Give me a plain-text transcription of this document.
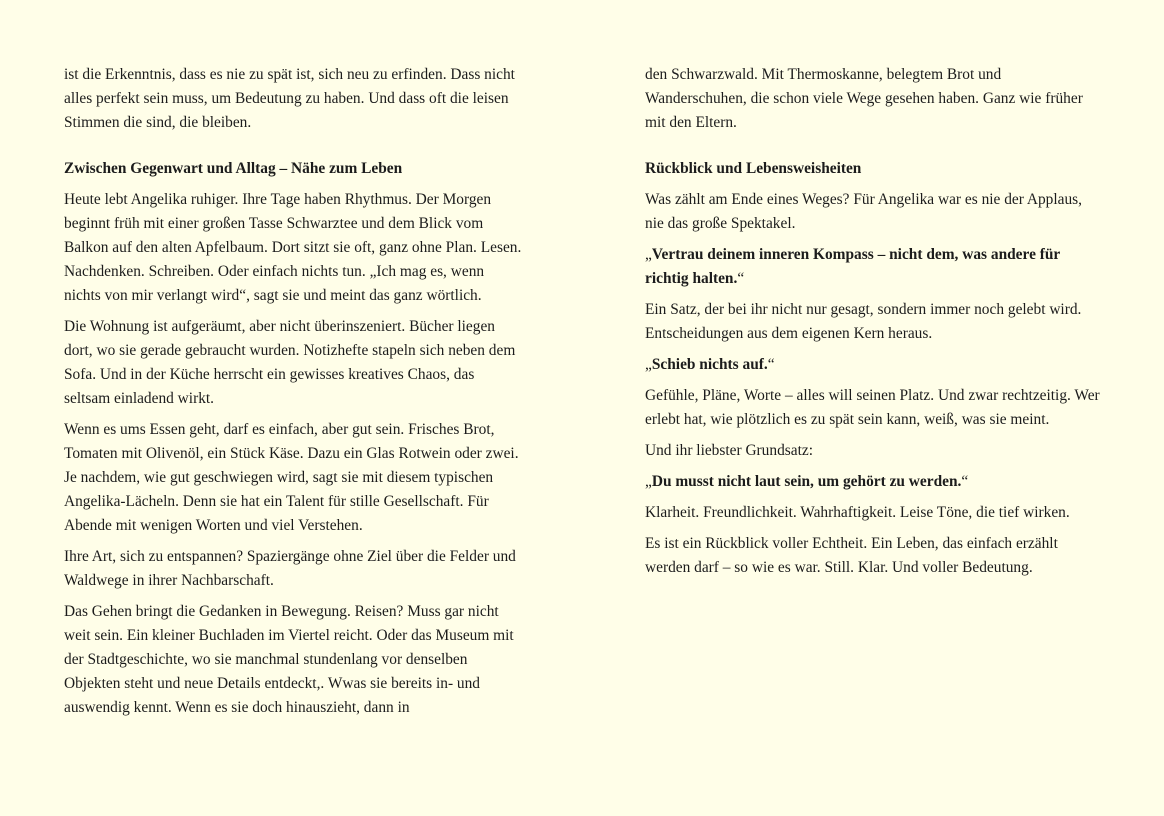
ist die Erkenntnis, dass es nie zu spät ist, sich neu zu erfinden. Dass nicht alles perfekt sein muss, um Bedeutung zu haben. Und dass oft die leisen Stimmen die sind, die bleiben.

Zwischen Gegenwart und Alltag – Nähe zum Leben

Heute lebt Angelika ruhiger. Ihre Tage haben Rhythmus. Der Morgen beginnt früh mit einer großen Tasse Schwarztee und dem Blick vom Balkon auf den alten Apfelbaum. Dort sitzt sie oft, ganz ohne Plan. Lesen. Nachdenken. Schreiben. Oder einfach nichts tun. „Ich mag es, wenn nichts von mir verlangt wird“, sagt sie und meint das ganz wörtlich.

Die Wohnung ist aufgeräumt, aber nicht überinszeniert. Bücher liegen dort, wo sie gerade gebraucht wurden. Notizhefte stapeln sich neben dem Sofa. Und in der Küche herrscht ein gewisses kreatives Chaos, das seltsam einladend wirkt.

Wenn es ums Essen geht, darf es einfach, aber gut sein. Frisches Brot, Tomaten mit Olivenöl, ein Stück Käse. Dazu ein Glas Rotwein oder zwei. Je nachdem, wie gut geschwiegen wird, sagt sie mit diesem typischen Angelika-Lächeln. Denn sie hat ein Talent für stille Gesellschaft. Für Abende mit wenigen Worten und viel Verstehen.

Ihre Art, sich zu entspannen? Spaziergänge ohne Ziel über die Felder und Waldwege in ihrer Nachbarschaft.

Das Gehen bringt die Gedanken in Bewegung. Reisen? Muss gar nicht weit sein. Ein kleiner Buchladen im Viertel reicht. Oder das Museum mit der Stadtgeschichte, wo sie manchmal stundenlang vor denselben Objekten steht und neue Details entdeckt,. Wwas sie bereits in- und auswendig kennt. Wenn es sie doch hinauszieht, dann in

den Schwarzwald. Mit Thermoskanne, belegtem Brot und Wanderschuhen, die schon viele Wege gesehen haben. Ganz wie früher mit den Eltern.

Rückblick und Lebensweisheiten

Was zählt am Ende eines Weges? Für Angelika war es nie der Applaus, nie das große Spektakel.

„Vertrau deinem inneren Kompass – nicht dem, was andere für richtig halten.“

Ein Satz, der bei ihr nicht nur gesagt, sondern immer noch gelebt wird. Entscheidungen aus dem eigenen Kern heraus.

„Schieb nichts auf.“

Gefühle, Pläne, Worte – alles will seinen Platz. Und zwar rechtzeitig. Wer erlebt hat, wie plötzlich es zu spät sein kann, weiß, was sie meint.

Und ihr liebster Grundsatz:

„Du musst nicht laut sein, um gehört zu werden.“

Klarheit. Freundlichkeit. Wahrhaftigkeit. Leise Töne, die tief wirken.

Es ist ein Rückblick voller Echtheit. Ein Leben, das einfach erzählt werden darf – so wie es war. Still. Klar. Und voller Bedeutung.
